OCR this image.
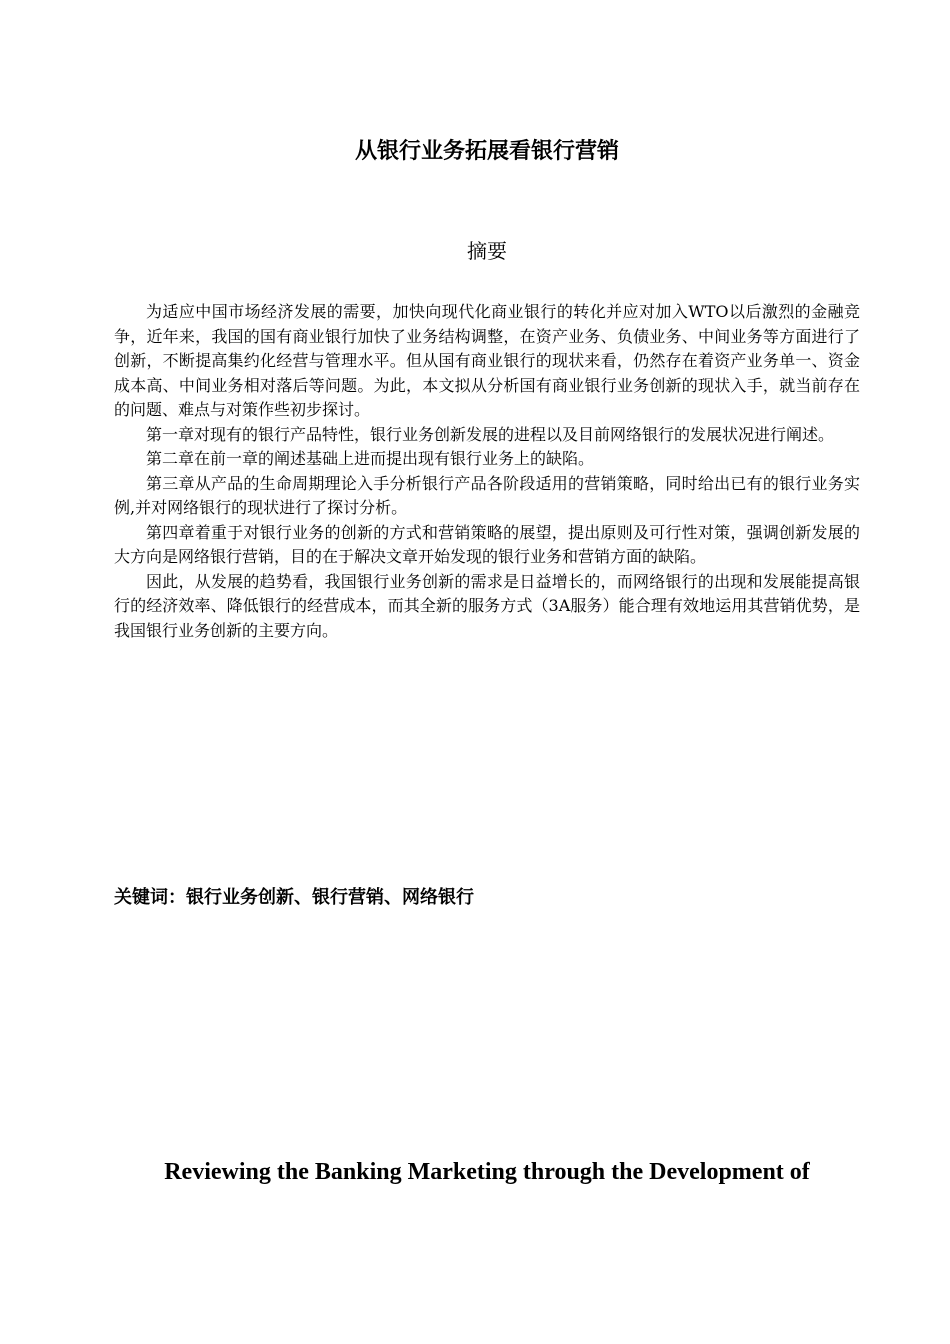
从银行业务拓展看银行营销
摘要

为适应中国市场经济发展的需要，加快向现代化商业银行的转化并应对加入WTO以后激烈的金融竞争，近年来，我国的国有商业银行加快了业务结构调整，在资产业务、负债业务、中间业务等方面进行了创新，不断提高集约化经营与管理水平。但从国有商业银行的现状来看，仍然存在着资产业务单一、资金成本高、中间业务相对落后等问题。为此，本文拟从分析国有商业银行业务创新的现状入手，就当前存在的问题、难点与对策作些初步探讨。

第一章对现有的银行产品特性，银行业务创新发展的进程以及目前网络银行的发展状况进行阐述。

第二章在前一章的阐述基础上进而提出现有银行业务上的缺陷。

第三章从产品的生命周期理论入手分析银行产品各阶段适用的营销策略，同时给出已有的银行业务实例,并对网络银行的现状进行了探讨分析。

第四章着重于对银行业务的创新的方式和营销策略的展望，提出原则及可行性对策，强调创新发展的大方向是网络银行营销，目的在于解决文章开始发现的银行业务和营销方面的缺陷。

因此，从发展的趋势看，我国银行业务创新的需求是日益增长的，而网络银行的出现和发展能提高银行的经济效率、降低银行的经营成本，而其全新的服务方式（3A服务）能合理有效地运用其营销优势，是我国银行业务创新的主要方向。

关键词：银行业务创新、银行营销、网络银行
Reviewing the Banking Marketing through the Development of
